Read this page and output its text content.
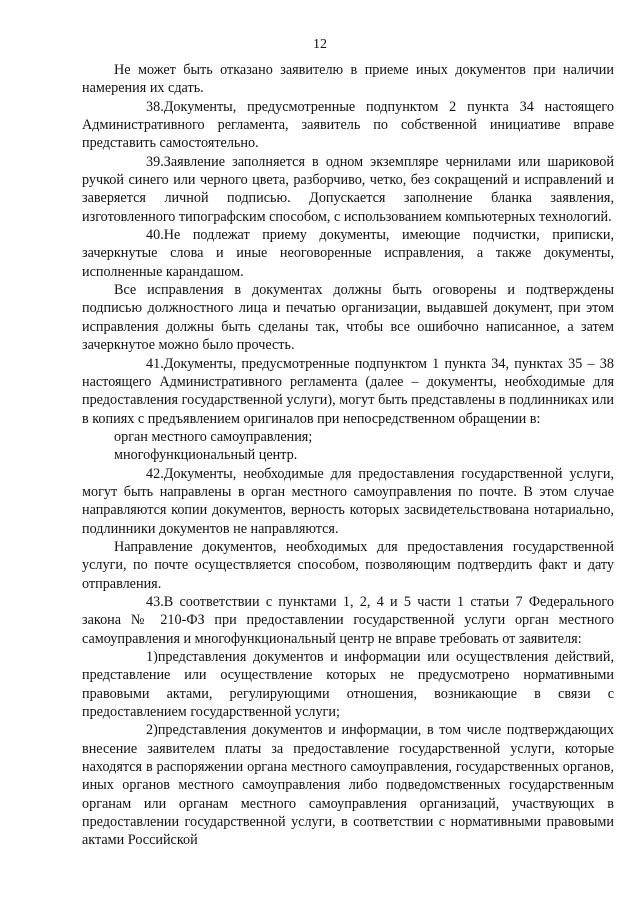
12

Не может быть отказано заявителю в приеме иных документов при наличии намерения их сдать.

38.Документы, предусмотренные подпунктом 2 пункта 34 настоящего Административного регламента, заявитель по собственной инициативе вправе представить самостоятельно.

39.Заявление заполняется в одном экземпляре чернилами или шариковой ручкой синего или черного цвета, разборчиво, четко, без сокращений и исправлений и заверяется личной подписью. Допускается заполнение бланка заявления, изготовленного типографским способом, с использованием компьютерных технологий.

40.Не подлежат приему документы, имеющие подчистки, приписки, зачеркнутые слова и иные неоговоренные исправления, а также документы, исполненные карандашом.

Все исправления в документах должны быть оговорены и подтверждены подписью должностного лица и печатью организации, выдавшей документ, при этом исправления должны быть сделаны так, чтобы все ошибочно написанное, а затем зачеркнутое можно было прочесть.

41.Документы, предусмотренные подпунктом 1 пункта 34, пунктах 35 – 38 настоящего Административного регламента (далее – документы, необходимые для предоставления государственной услуги), могут быть представлены в подлинниках или в копиях с предъявлением оригиналов при непосредственном обращении в:

орган местного самоуправления;

многофункциональный центр.

42.Документы, необходимые для предоставления государственной услуги, могут быть направлены в орган местного самоуправления по почте. В этом случае направляются копии документов, верность которых засвидетельствована нотариально, подлинники документов не направляются.

Направление документов, необходимых для предоставления государственной услуги, по почте осуществляется способом, позволяющим подтвердить факт и дату отправления.

43.В соответствии с пунктами 1, 2, 4 и 5 части 1 статьи 7 Федерального закона № 210-ФЗ при предоставлении государственной услуги орган местного самоуправления и многофункциональный центр не вправе требовать от заявителя:

1)представления документов и информации или осуществления действий, представление или осуществление которых не предусмотрено нормативными правовыми актами, регулирующими отношения, возникающие в связи с предоставлением государственной услуги;

2)представления документов и информации, в том числе подтверждающих внесение заявителем платы за предоставление государственной услуги, которые находятся в распоряжении органа местного самоуправления, государственных органов, иных органов местного самоуправления либо подведомственных государственным органам или органам местного самоуправления организаций, участвующих в предоставлении государственной услуги, в соответствии с нормативными правовыми актами Российской
